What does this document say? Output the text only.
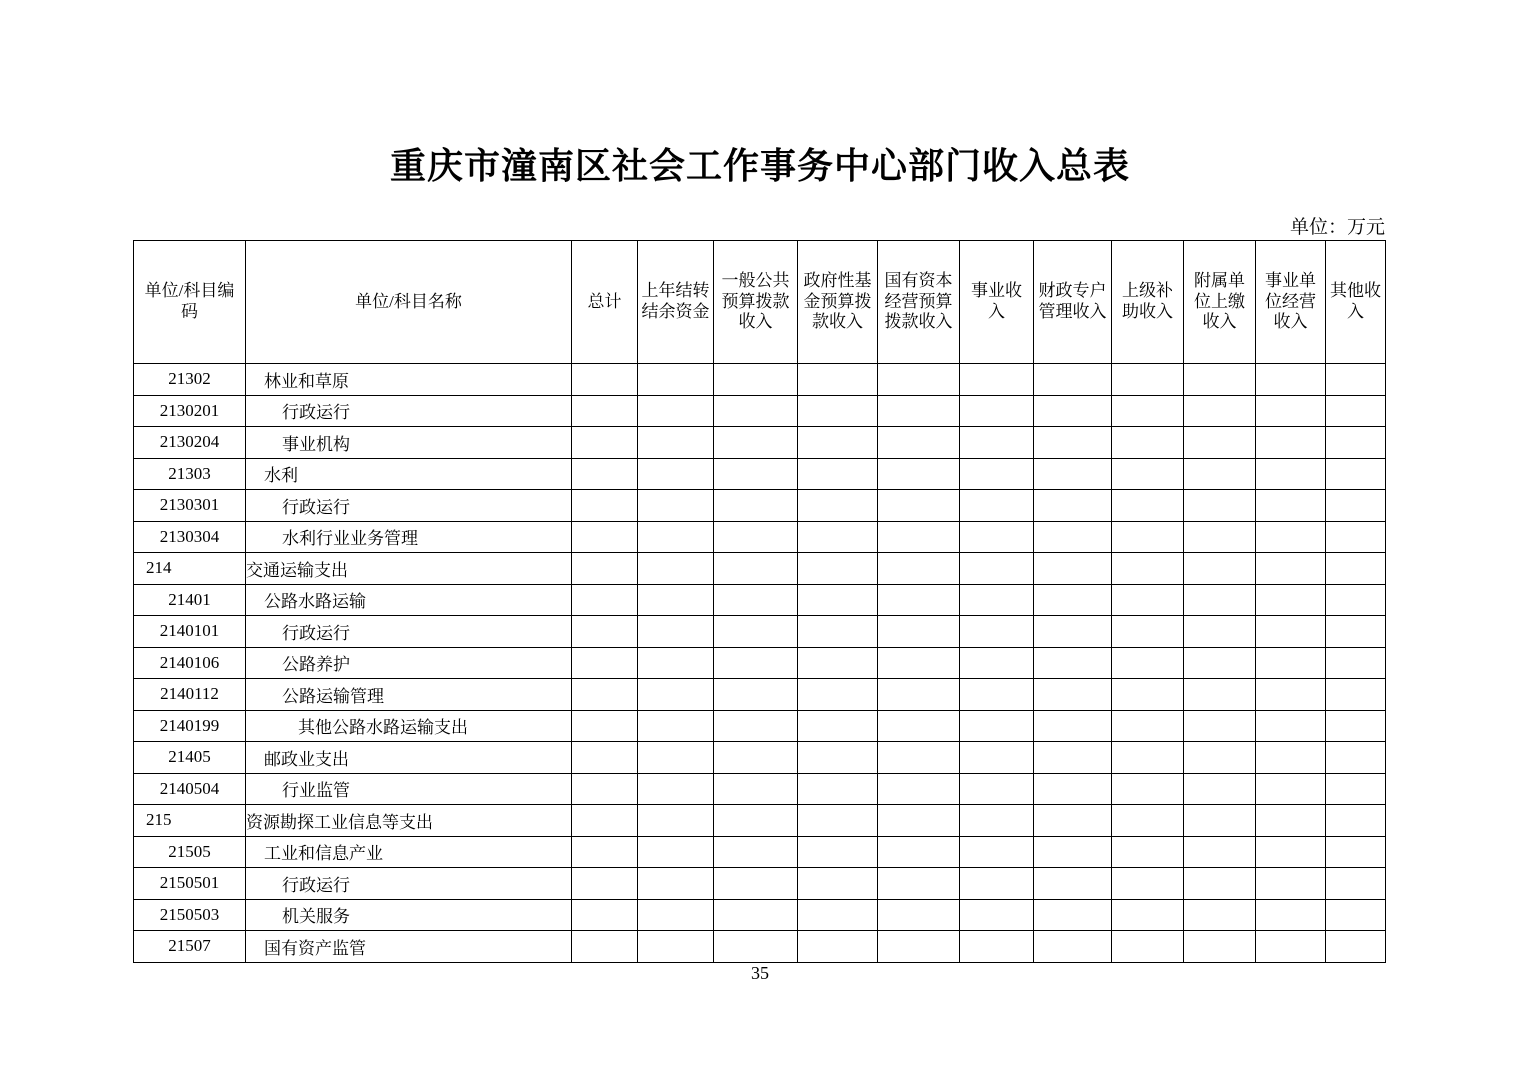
重庆市潼南区社会工作事务中心部门收入总表
单位：万元
单位/科目编码	单位/科目名称	总计	上年结转结余资金	一般公共预算拨款收入	政府性基金预算拨款收入	国有资本经营预算拨款收入	事业收入	财政专户管理收入	上级补助收入	附属单位上缴收入	事业单位经营收入	其他收入

21302	林业和草原											
2130201	行政运行											
2130204	事业机构											
21303	水利											
2130301	行政运行											
2130304	水利行业业务管理											
214	交通运输支出											
21401	公路水路运输											
2140101	行政运行											
2140106	公路养护											
2140112	公路运输管理											
2140199	其他公路水路运输支出											
21405	邮政业支出											
2140504	行业监管											
215	资源勘探工业信息等支出											
21505	工业和信息产业											
2150501	行政运行											
2150503	机关服务											
21507	国有资产监管											
35
